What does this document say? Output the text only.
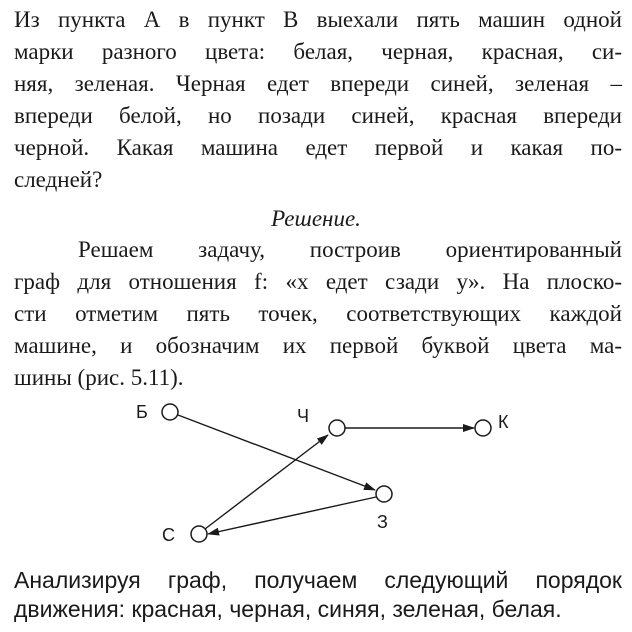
Из пункта А в пункт В выехали пять машин одной
марки разного цвета: белая, черная, красная, си-
няя, зеленая. Черная едет впереди синей, зеленая –
впереди белой, но позади синей, красная впереди
черной. Какая машина едет первой и какая по-
следней?
Решение.
Решаем задачу, построив ориентированный
граф для отношения f: «x едет сзади y». На плоско-
сти отметим пять точек, соответствующих каждой
машине, и обозначим их первой буквой цвета ма-
шины (рис. 5.11).
Б	Ч	К
З
С
Анализируя граф, получаем следующий порядок
движения: красная, черная, синяя, зеленая, белая.
